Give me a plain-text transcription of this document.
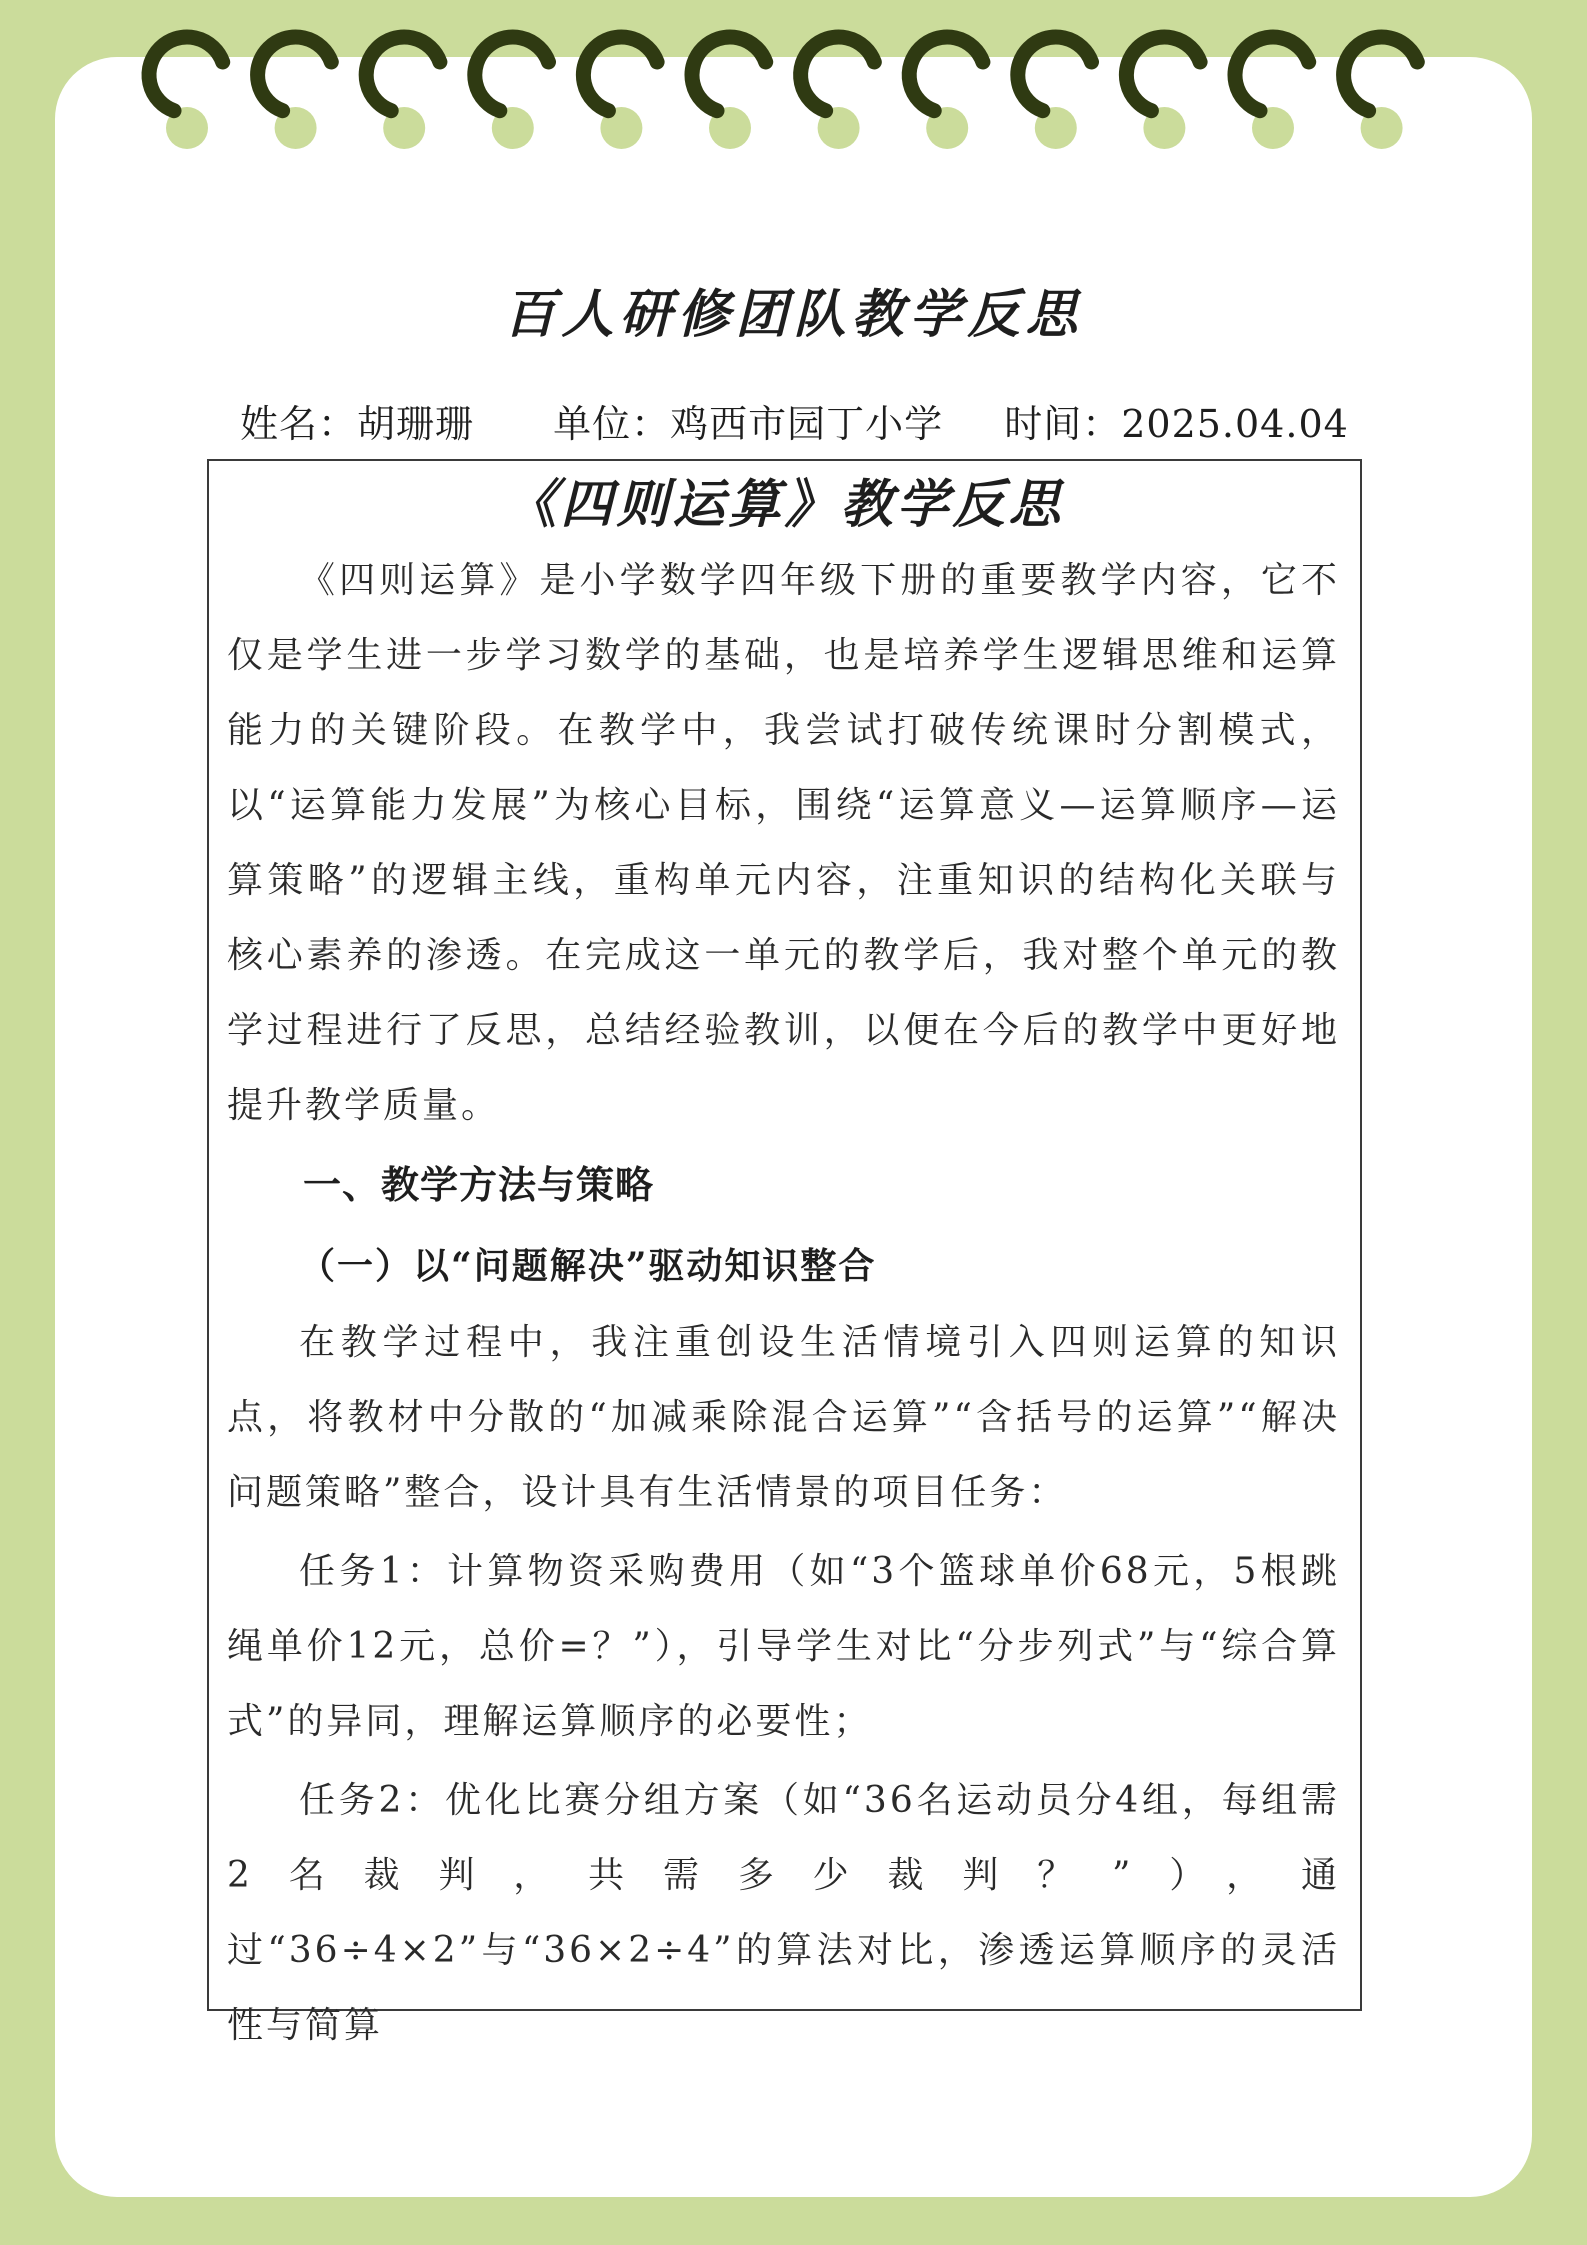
百人研修团队教学反思
姓名：胡珊珊 单位：鸡西市园丁小学 时间：2025.04.04
《四则运算》教学反思

《四则运算》是小学数学四年级下册的重要教学内容，它不仅是学生进一步学习数学的基础，也是培养学生逻辑思维和运算能力的关键阶段。在教学中，我尝试打破传统课时分割模式，以“运算能力发展”为核心目标，围绕“运算意义—运算顺序—运算策略”的逻辑主线，重构单元内容，注重知识的结构化关联与核心素养的渗透。在完成这一单元的教学后，我对整个单元的教学过程进行了反思，总结经验教训，以便在今后的教学中更好地提升教学质量。

一、教学方法与策略
（一）以“问题解决”驱动知识整合

在教学过程中，我注重创设生活情境引入四则运算的知识点，将教材中分散的“加减乘除混合运算”“含括号的运算”“解决问题策略”整合，设计具有生活情景的项目任务：

任务1：计算物资采购费用（如“3个篮球单价68元，5根跳绳单价12元，总价=？”），引导学生对比“分步列式”与“综合算式”的异同，理解运算顺序的必要性；

任务2：优化比赛分组方案（如“36名运动员分4组，每组需2名裁判，共需多少裁判？”），通过“36÷4×2”与“36×2÷4”的算法对比，渗透运算顺序的灵活性与简算
